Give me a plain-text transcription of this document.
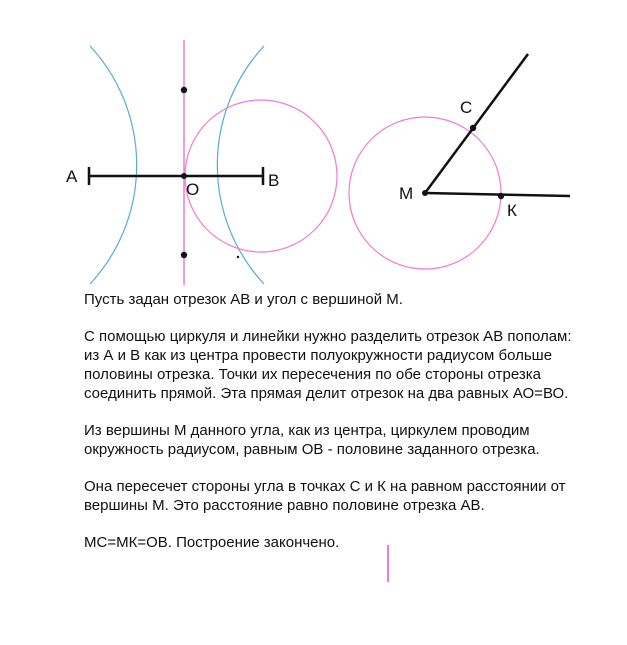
А
О	В
М
С
К

Пусть задан отрезок АВ и угол с вершиной М.

С помощью циркуля и линейки нужно разделить отрезок АВ пополам: из А и В как из центра провести полуокружности радиусом больше половины отрезка. Точки их пересечения по обе стороны отрезка соединить прямой. Эта прямая делит отрезок на два равных АО=ВО.

Из вершины М данного угла, как из центра, циркулем проводим окружность радиусом, равным ОВ - половине заданного отрезка.

Она пересечет стороны угла в точках С и К на равном расстоянии от вершины М. Это расстояние равно половине отрезка АВ.

МС=МК=ОВ. Построение закончено.
